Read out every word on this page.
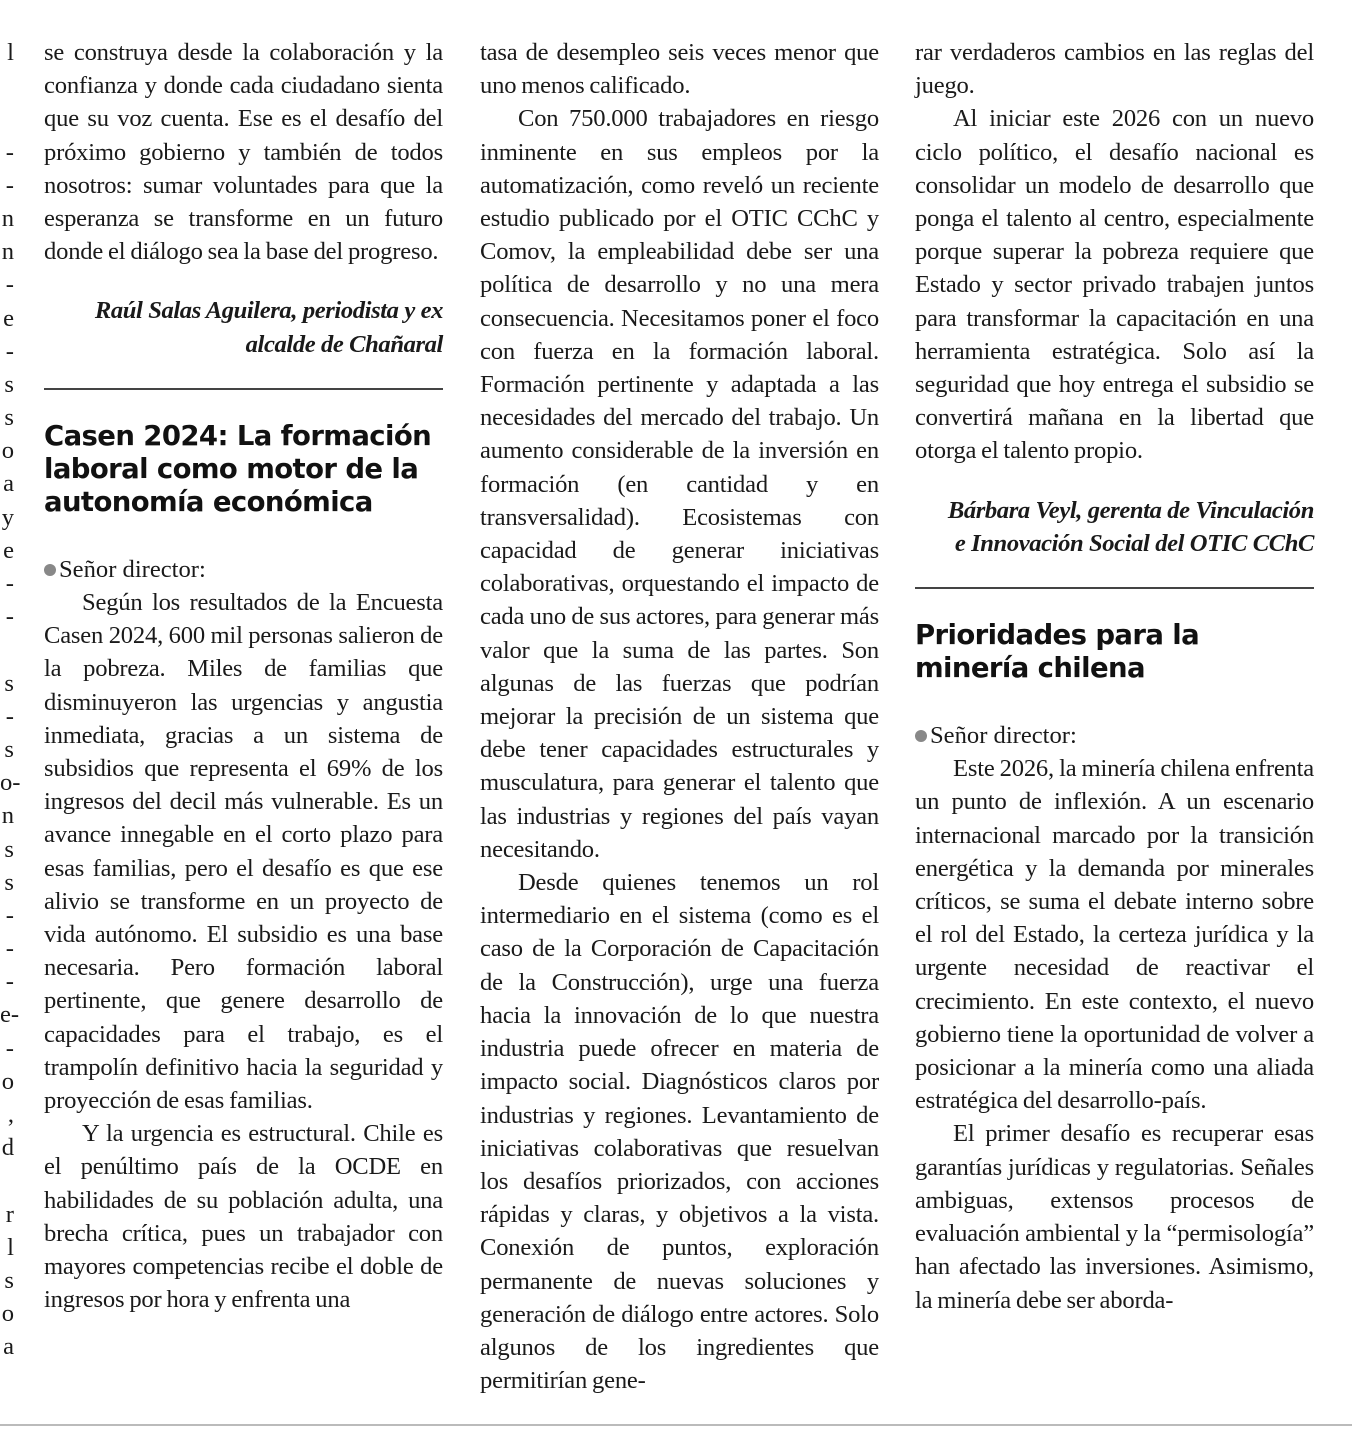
l
-
-
n
n
-
e
-
s
s
o
a
y
e
-
-
s
-
s
o-
n
s
s
-
-
-
e-
-
o
,
d
r
l
s
o
a

se construya desde la colaboración y la confianza y donde cada ciudadano sienta que su voz cuenta. Ese es el desafío del próximo gobierno y también de todos nosotros: sumar voluntades para que la esperanza se transforme en un futuro donde el diálogo sea la base del progreso.

Raúl Salas Aguilera, periodista y ex
alcalde de Chañaral
Casen 2024: La formación laboral como motor de la autonomía económica
Señor director:

Según los resultados de la Encuesta Casen 2024, 600 mil personas salieron de la pobreza. Miles de familias que disminuyeron las urgencias y angustia inmediata, gracias a un sistema de subsidios que representa el 69% de los ingresos del decil más vulnerable. Es un avance innegable en el corto plazo para esas familias, pero el desafío es que ese alivio se transforme en un proyecto de vida autónomo. El subsidio es una base necesaria. Pero formación laboral pertinente, que genere desarrollo de capacidades para el trabajo, es el trampolín definitivo hacia la seguridad y proyección de esas familias.

Y la urgencia es estructural. Chile es el penúltimo país de la OCDE en habilidades de su población adulta, una brecha crítica, pues un trabajador con mayores competencias recibe el doble de ingresos por hora y enfrenta una

tasa de desempleo seis veces menor que uno menos calificado.

Con 750.000 trabajadores en riesgo inminente en sus empleos por la automatización, como reveló un reciente estudio publicado por el OTIC CChC y Comov, la empleabilidad debe ser una política de desarrollo y no una mera consecuencia. Necesitamos poner el foco con fuerza en la formación laboral. Formación pertinente y adaptada a las necesidades del mercado del trabajo. Un aumento considerable de la inversión en formación (en cantidad y en transversalidad). Ecosistemas con capacidad de generar iniciativas colaborativas, orquestando el impacto de cada uno de sus actores, para generar más valor que la suma de las partes. Son algunas de las fuerzas que podrían mejorar la precisión de un sistema que debe tener capacidades estructurales y musculatura, para generar el talento que las industrias y regiones del país vayan necesitando.

Desde quienes tenemos un rol intermediario en el sistema (como es el caso de la Corporación de Capacitación de la Construcción), urge una fuerza hacia la innovación de lo que nuestra industria puede ofrecer en materia de impacto social. Diagnósticos claros por industrias y regiones. Levantamiento de iniciativas colaborativas que resuelvan los desafíos priorizados, con acciones rápidas y claras, y objetivos a la vista. Conexión de puntos, exploración permanente de nuevas soluciones y generación de diálogo entre actores. Solo algunos de los ingredientes que permitirían gene-

rar verdaderos cambios en las reglas del juego.

Al iniciar este 2026 con un nuevo ciclo político, el desafío nacional es consolidar un modelo de desarrollo que ponga el talento al centro, especialmente porque superar la pobreza requiere que Estado y sector privado trabajen juntos para transformar la capacitación en una herramienta estratégica. Solo así la seguridad que hoy entrega el subsidio se convertirá mañana en la libertad que otorga el talento propio.

Bárbara Veyl, gerenta de Vinculación
e Innovación Social del OTIC CChC
Prioridades para la minería chilena
Señor director:

Este 2026, la minería chilena enfrenta un punto de inflexión. A un escenario internacional marcado por la transición energética y la demanda por minerales críticos, se suma el debate interno sobre el rol del Estado, la certeza jurídica y la urgente necesidad de reactivar el crecimiento. En este contexto, el nuevo gobierno tiene la oportunidad de volver a posicionar a la minería como una aliada estratégica del desarrollo-país.

El primer desafío es recuperar esas garantías jurídicas y regulatorias. Señales ambiguas, extensos procesos de evaluación ambiental y la “permisología” han afectado las inversiones. Asimismo, la minería debe ser aborda-
